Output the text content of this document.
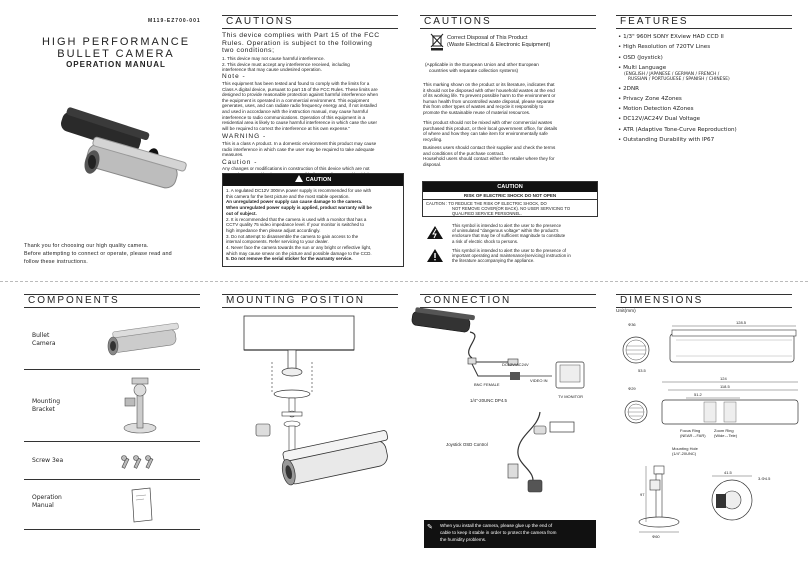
M119-EZ700-001
HIGH PERFORMANCE
BULLET CAMERA
OPERATION MANUAL
Thank you for choosing our high quality camera.
Before attempting to connect or operate, please read and
follow these instructions.
CAUTIONS
This device complies with Part 15 of the FCC
Rules. Operation is subject to the following
two conditions;
1. This device may not cause harmful interference.
2. This device must accept any interference received, including
interference that may cause undesired operation.
Note -
This equipment has been tested and found to comply with the limits for a
Class A digital device, pursuant to part 15 of the FCC Rules. These limits are
designed to provide reasonable protection against harmful interference when
the equipment is operated in a commercial environment. This equipment
generates, uses, and can radiate radio frequency energy and, if not installed
and used in accordance with the instruction manual, may cause harmful
interference to radio communications. Operation of this equipment in a
residential area is likely to cause harmful interference in which case the user
will be required to correct the interference at his own expense."
WARNING -
This is a class A product. In a domestic environment this product may cause
radio interference in which case the user may be required to take adequate
measures.
Caution -
Any changes or modifications in construction of this device which are not
CAUTION
1. A regulated DC12V 300mA power supply is recommended for use with
this camera for the best picture and the most stable operation.
An unregulated power supply can cause damage to the camera.
When unregulated power supply is applied, product warranty will be
out of subject.
2. It is recommended that the camera is used with a monitor that has a
CCTV quality 75 video impedance level. If your monitor is switched to
high impedance then please adjust accordingly.
3. Do not attempt to disassemble the camera to gain access to the
internal components. Refer servicing to your dealer.
4. Never face the camera towards the sun or any bright or reflective light,
which may cause smear on the picture and possible damage to the CCD.
5. Do not remove the serial sticker for the warranty service.
CAUTIONS
Correct Disposal of This Product
(Waste Electrical & Electronic Equipment)
(Applicable in the European Union and other European
countries with separate collection systems)
This marking shown on the product or its literature, indicates that
it should not be disposed with other household wastes at the end
of its working life. To prevent possible harm to the environment or
human health from uncontrolled waste disposal, please separate
this from other types of wastes and recycle it responsibly to
promote the sustainable reuse of material resources.
This product should not be mixed with other commercial wastes
purchased this product, or their local government office, for details
of where and how they can take item for environmentally safe
recycling.
Business users should contact their supplier and check the terms
and conditions of the purchase contract.
Household users should contact either the retailer where they for
disposal.
CAUTION
RISK OF ELECTRIC SHOCK DO NOT OPEN
CAUTION : TO REDUCE THE RISK OF ELECTRIC SHOCK, DO
NOT REMOVE COVER(OR BACK). NO USER SERVICING TO
QUALIFIED SERVICE PERSONNEL.
This symbol is intended to alert the user to the presence
of uninsulated "dangerous voltage" within the product's
enclosure that may be of sufficient magnitude to constitute
a risk of electric shock to persons.
This symbol is intended to alert the user to the presence of
important operating and maintenance(servicing) instruction in
the literature accompanying the appliance.
FEATURES
• 1/3" 960H SONY EXview HAD CCD II
• High Resolution of 720TV Lines
• OSD (Joystick)
• Multi Language
(ENGLISH / JAPANESE / GERMAN / FRENCH /
RUSSIAN / PORTUGUESE / SPANISH / CHINESE)
• 2DNR
• Privacy Zone 4Zones
• Motion Detection 4Zones
• DC12V/AC24V Dual Voltage
• ATR (Adaptive Tone-Curve Reproduction)
• Outstanding Durability with IP67
COMPONENTS
Bullet
Camera
Mounting
Bracket
Screw 3ea
Operation
Manual
MOUNTING POSITION	CONNECTION
DC12V/AC24V
BNC FEMALE
VIDEO IN
TV MONITOR
1/4"-20UNC DP4.5
Joystick OSD Control
✎ When you install the camera, please glue up the end of
cable to keep it stable in order to protect the camera from
the humidity problems.
DIMENSIONS
Unit(mm)
Φ36	128.5
53.5
Φ29
124
118.5
51.2
Focus Ring
(NEAR↔FAR)
Zoom Ring
(Wide↔Tele)
Mounting Hole
(1/4"-20UNC)
41.5
3-Φ4.5
97
Φ60
